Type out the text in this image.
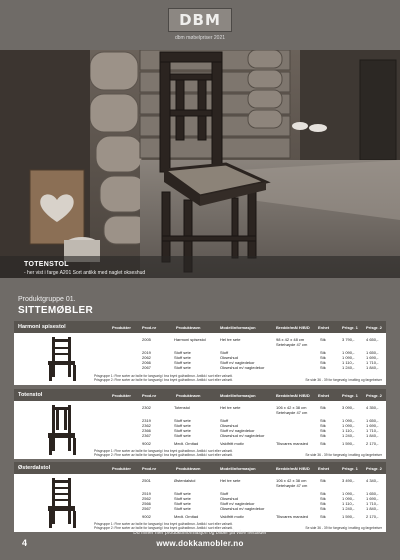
DBM
dbm møbelpriser 2021
TOTENSTOL
- her vist i farge A201 Sort antikk med naglet okseshud
Produktgruppe 01.
SITTEMØBLER
Harmoni spisestol	Produkter	Prod.nr	Produktnavn	Modellinformasjon	Bredde/mål H/B/D Enhet	Prisgr. 1 Prisgr. 2
2005	Harmoni spisestol	Hel tre sete	98 x 42 x 48 cm	Stk	3 790,-	4 650,-
Setehøyde 47 cm
2019	Stoff sete	Stoff	Stk	1 090,-	1 650,-
2062	Stoff sete	Okseshud	Stk	1 090,-	1 690,-
2066	Stoff sete	Stoff m/ nagledekor	Stk	1 110,-	1 710,-
2067	Stoff sete	Okseshud m/ nagledekor	Stk	1 240,-	1 840,-
Prisgruppe 1: Fine sorter av bolle for langvarig i bra brynt gul/rødbrun. Antikk i sort eller valnøtt.
Prisgruppe 2: Fine sorter av bolle for langvarig i bra brynt gul/rødbrun. Antikk i sort eller valnøtt.	Se side 36 - 39 for fargevalg i malting og fargebeiser
Totenstol	Produkter	Prod.nr	Produktnavn	Modellinformasjon	Bredde/mål H/B/D Enhet	Prisgr. 1 Prisgr. 2
2302	Totenstol	Hel tre sete	106 x 42 x 38 cm	Stk	3 090,-	4 350,-
Setehøyde 47 cm
2319	Stoff sete	Stoff	Stk	1 090,-	1 650,-
2362	Stoff sete	Okseshud	Stk	1 090,-	1 690,-
2366	Stoff sete	Stoff m/ nagledekor	Stk	1 110,-	1 710,-
2367	Stoff sete	Okseshud m/ nagledekor	Stk	1 240,-	1 840,-
9002	Medt. Ornitad	Valdfritt motiv	Tilsvares mansied	Stk	1 590,-	2 170,-
Prisgruppe 1: Fine sorter av bolle for langvarig i bra brynt gul/rødbrun. Antikk i sort eller valnøtt.
Prisgruppe 2: Fine sorter av bolle for langvarig i bra brynt gul/rødbrun. Antikk i sort eller valnøtt.	Se side 36 - 39 for fargevalg i malting og fargebeiser
Østerdalstol	Produkter	Prod.nr	Produktnavn	Modellinformasjon	Bredde/mål H/B/D Enhet	Prisgr. 1 Prisgr. 2
2501	Østerdalstol	Hel tre sete	106 x 42 x 38 cm	Stk	3 490,-	4 340,-
Setehøyde 47 cm
2519	Stoff sete	Stoff	Stk	1 090,-	1 650,-
2562	Stoff sete	Okseshud	Stk	1 090,-	1 690,-
2566	Stoff sete	Stoff m/ nagledekor	Stk	1 110,-	1 710,-
2567	Stoff sete	Okseshud m/ nagledekor	Stk	1 240,-	1 840,-
9002	Medt. Ornitad	Valdfritt motiv	Tilsvares mansied	Stk	1 590,-	2 170,-
Prisgruppe 1: Fine sorter av bolle for langvarig i bra brynt gul/rødbrun. Antikk i sort eller valnøtt.
Prisgruppe 2: Fine sorter av bolle for langvarig i bra brynt gul/rødbrun. Antikk i sort eller valnøtt.	Se side 36 - 39 for fargevalg i malting og fargebeiser
Du finner mer produktinformasjon og bilder på våre nettsider
www.dokkamobler.no
4
